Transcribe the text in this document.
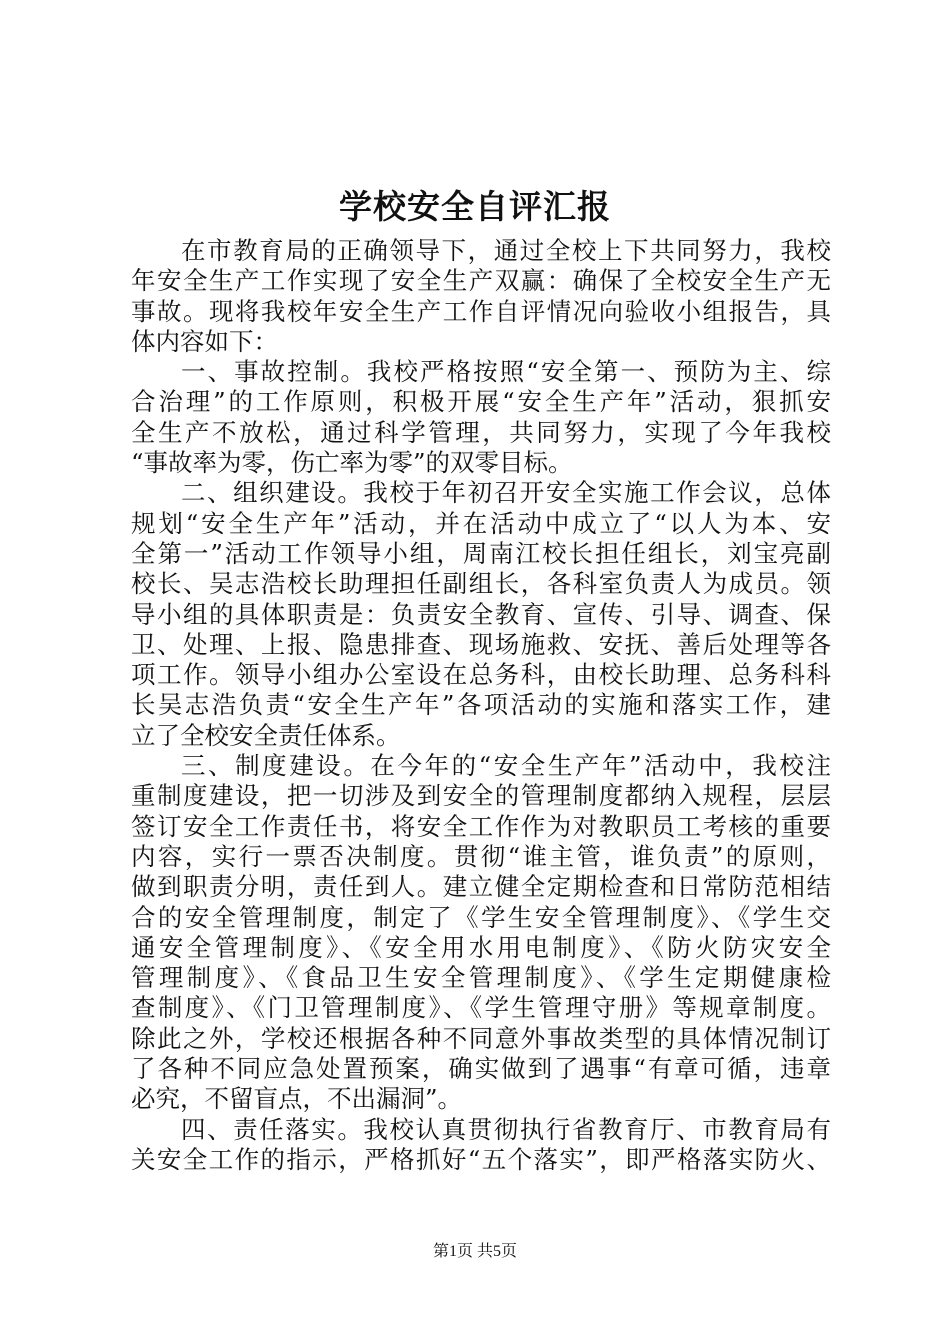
学校安全自评汇报
在市教育局的正确领导下，通过全校上下共同努力，我校
年安全生产工作实现了安全生产双赢：确保了全校安全生产无
事故。现将我校年安全生产工作自评情况向验收小组报告，具
体内容如下：
一、事故控制。我校严格按照“安全第一、预防为主、综
合治理”的工作原则，积极开展“安全生产年”活动，狠抓安
全生产不放松，通过科学管理，共同努力，实现了今年我校
“事故率为零，伤亡率为零”的双零目标。
二、组织建设。我校于年初召开安全实施工作会议，总体
规划“安全生产年”活动，并在活动中成立了“以人为本、安
全第一”活动工作领导小组，周南江校长担任组长，刘宝亮副
校长、吴志浩校长助理担任副组长，各科室负责人为成员。领
导小组的具体职责是：负责安全教育、宣传、引导、调查、保
卫、处理、上报、隐患排查、现场施救、安抚、善后处理等各
项工作。领导小组办公室设在总务科，由校长助理、总务科科
长吴志浩负责“安全生产年”各项活动的实施和落实工作，建
立了全校安全责任体系。
三、制度建设。在今年的“安全生产年”活动中，我校注
重制度建设，把一切涉及到安全的管理制度都纳入规程，层层
签订安全工作责任书，将安全工作作为对教职员工考核的重要
内容，实行一票否决制度。贯彻“谁主管，谁负责”的原则，
做到职责分明，责任到人。建立健全定期检查和日常防范相结
合的安全管理制度，制定了《学生安全管理制度》、《学生交
通安全管理制度》、《安全用水用电制度》、《防火防灾安全
管理制度》、《食品卫生安全管理制度》、《学生定期健康检
查制度》、《门卫管理制度》、《学生管理守册》等规章制度。
除此之外，学校还根据各种不同意外事故类型的具体情况制订
了各种不同应急处置预案，确实做到了遇事“有章可循，违章
必究，不留盲点，不出漏洞”。
四、责任落实。我校认真贯彻执行省教育厅、市教育局有
关安全工作的指示，严格抓好“五个落实”，即严格落实防火、
第1页 共5页
